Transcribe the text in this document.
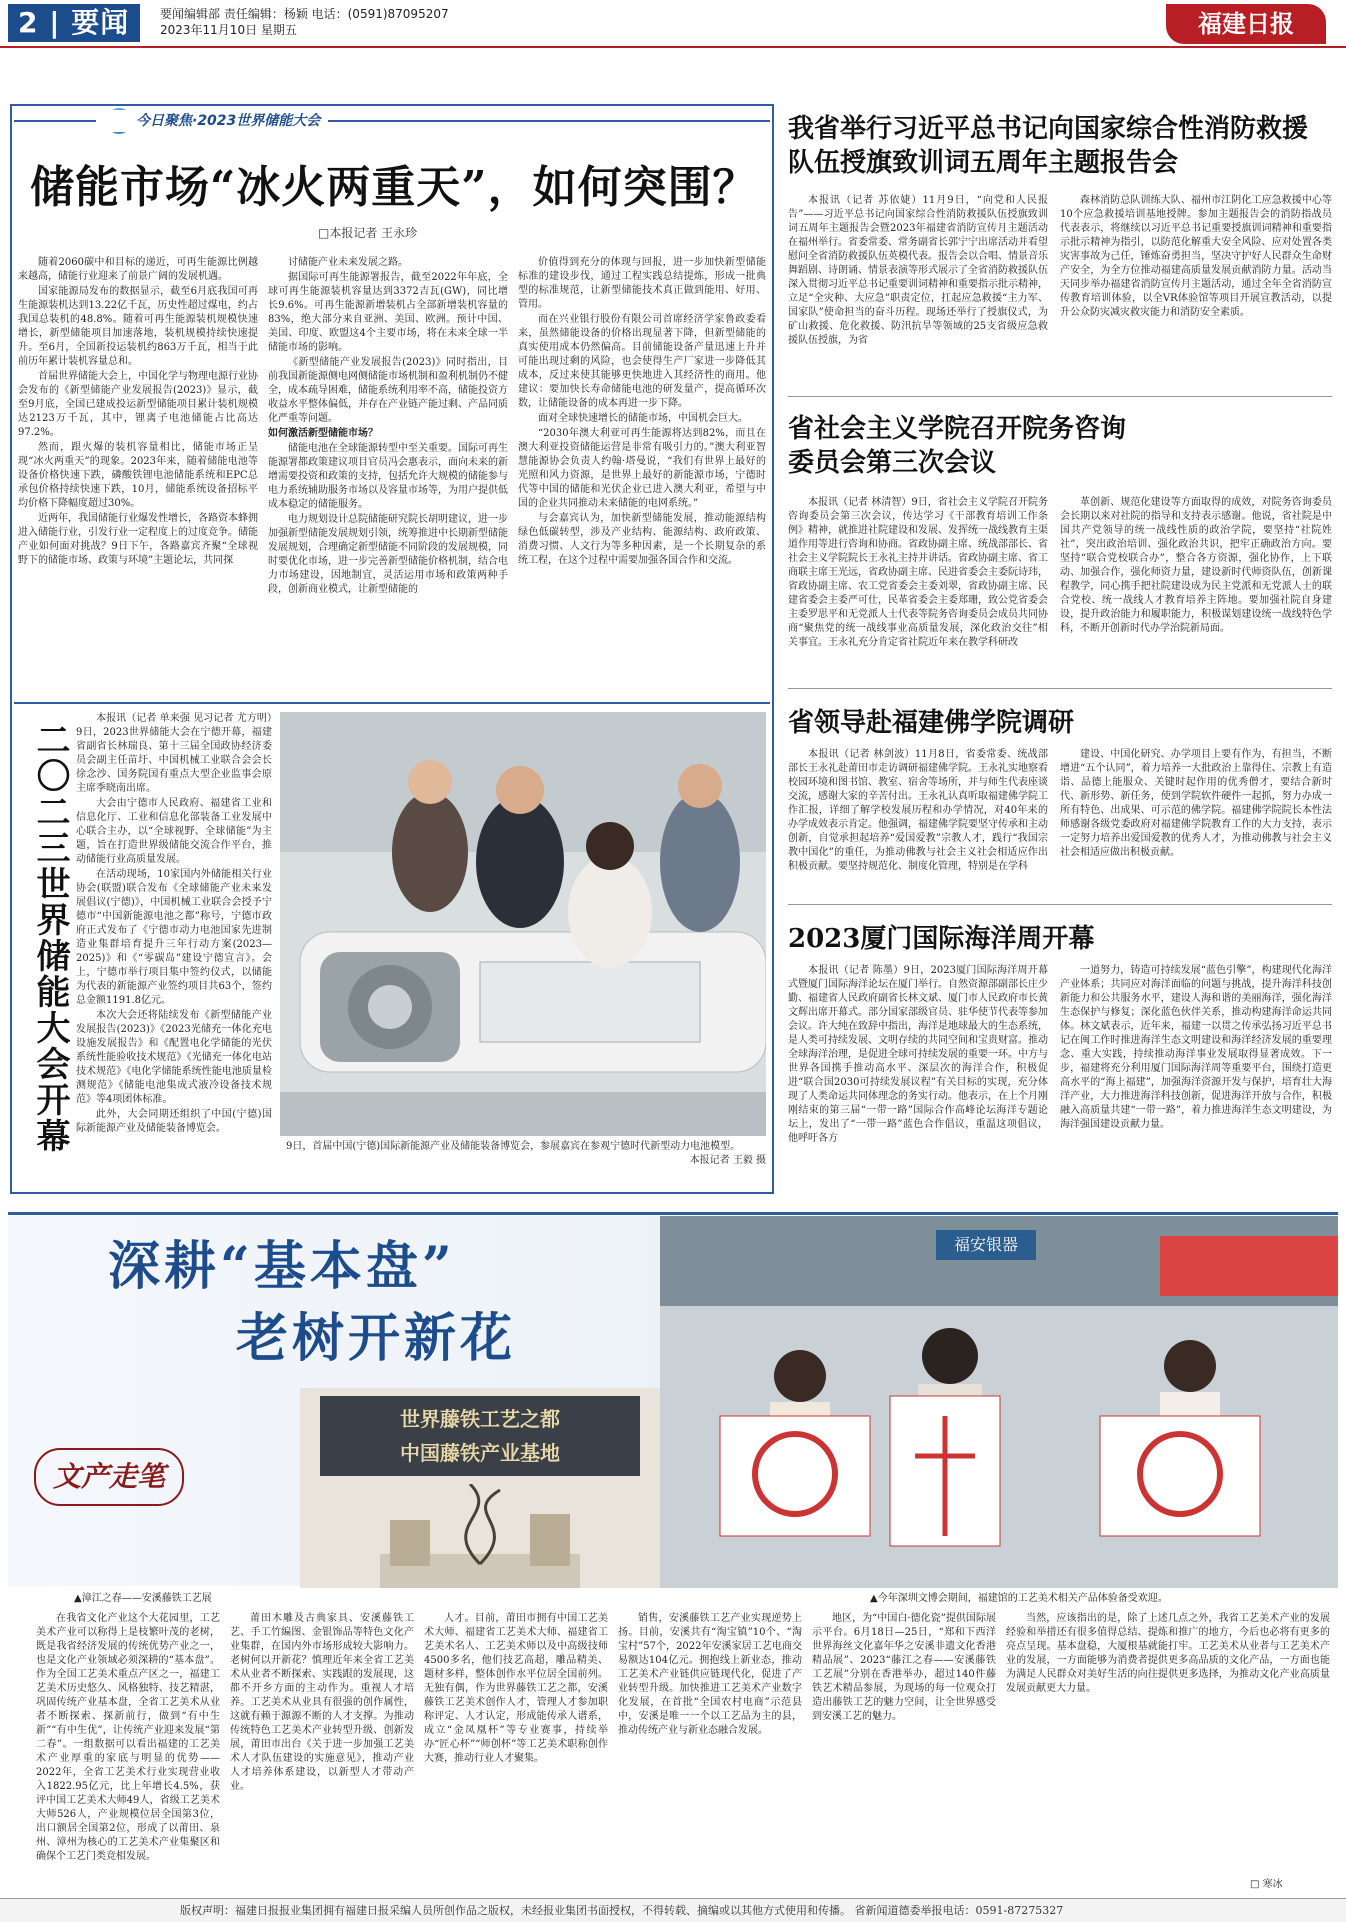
2 | 要闻	要闻编辑部 责任编辑：杨颖 电话：(0591)87095207
2023年11月10日 星期五	福建日报
今日聚焦·2023世界储能大会
储能市场“冰火两重天”，如何突围？
□本报记者 王永珍

随着2060碳中和目标的递近，可再生能源比例越来越高，储能行业迎来了前景广阔的发展机遇。

国家能源局发布的数据显示，截至6月底我国可再生能源装机达到13.22亿千瓦，历史性超过煤电，约占我国总装机的48.8%。随着可再生能源装机规模快速增长，新型储能项目加速落地，装机规模持续快速提升。至6月，全国新投运装机约863万千瓦，相当于此前历年累计装机容量总和。

首届世界储能大会上，中国化学与物理电源行业协会发布的《新型储能产业发展报告(2023)》显示，截至9月底，全国已建成投运新型储能项目累计装机规模达2123万千瓦，其中，锂离子电池储能占比高达97.2%。

然而，跟火爆的装机容量相比，储能市场正呈现“冰火两重天”的现象。2023年来，随着储能电池等设备价格快速下跌，磷酸铁锂电池储能系统和EPC总承包价格持续快速下跌，10月，储能系统设备招标平均价格下降幅度超过30%。

近两年，我国储能行业爆发性增长，各路资本蜂拥进入储能行业，引发行业一定程度上的过度竞争。储能产业如何面对挑战？9日下午，各路嘉宾齐聚“全球视野下的储能市场、政策与环境”主题论坛，共同探

讨储能产业未来发展之路。

据国际可再生能源署报告，截至2022年年底，全球可再生能源装机容量达到3372吉瓦(GW)，同比增长9.6%。可再生能源新增装机占全部新增装机容量的83%，绝大部分来自亚洲、美国、欧洲。预计中国、美国、印度、欧盟这4个主要市场，将在未来全球一半储能市场的影响。

《新型储能产业发展报告(2023)》同时指出，目前我国新能源侧电网侧储能市场机制和盈利机制仍不健全，成本疏导困难，储能系统利用率不高，储能投资方收益水平整体偏低，并存在产业链产能过剩、产品同质化严重等问题。

如何激活新型储能市场？

储能电池在全球能源转型中至关重要。国际可再生能源署都政策建议项目官员冯会惠表示，面向未来的新增需要投资和政策的支持，包括允许大规模的储能参与电力系统辅助服务市场以及容量市场等，为用户提供低成本稳定的储能服务。

电力规划设计总院储能研究院长胡明建议，进一步加强新型储能发展规划引领，统筹推进中长期新型储能发展规划，合理确定新型储能不同阶段的发展规模，同时要优化市场，进一步完善新型储能价格机制，结合电力市场建设，因地制宜，灵活运用市场和政策两种手段，创新商业模式，让新型储能的

价值得到充分的体现与回报，进一步加快新型储能标准的建设步伐，通过工程实践总结提炼，形成一批典型的标准规范，让新型储能技术真正做到能用、好用、管用。

而在兴业银行股份有限公司首席经济学家鲁政委看来，虽然储能设备的价格出现显著下降，但新型储能的真实使用成本仍然偏高。目前储能设备产量迅速上升并可能出现过剩的风险，也会使得生产厂家进一步降低其成本，反过来使其能够更快地进入其经济性的商用。他建议：要加快长寿命储能电池的研发量产，提高循环次数，让储能设备的成本再进一步下降。

面对全球快速增长的储能市场，中国机会巨大。

“2030年澳大利亚可再生能源将达到82%，而且在澳大利亚投资储能运营是非常有吸引力的。”澳大利亚智慧能源协会负责人约翰·塔曼说，“我们有世界上最好的光照和风力资源，是世界上最好的新能源市场，宁德时代等中国的储能和光伏企业已进入澳大利亚，希望与中国的企业共同推动未来储能的电网系统。”

与会嘉宾认为，加快新型储能发展，推动能源结构绿色低碳转型，涉及产业结构、能源结构、政府政策、消费习惯、人文行为等多种因素，是一个长期复杂的系统工程，在这个过程中需要加强各国合作和交流。

二〇二三世界储能大会开幕

本报讯（记者 单来强 见习记者 尤方明）9日，2023世界储能大会在宁德开幕，福建省副省长林瑞良、第十三届全国政协经济委员会副主任苗圩、中国机械工业联合会会长徐念沙、国务院国有重点大型企业监事会原主席季晓南出席。

大会由宁德市人民政府、福建省工业和信息化厅、工业和信息化部装备工业发展中心联合主办，以“全球视野、全球储能”为主题，旨在打造世界级储能交流合作平台，推动储能行业高质量发展。

在活动现场，10家国内外储能相关行业协会(联盟)联合发布《全球储能产业未来发展倡议(宁德)》，中国机械工业联合会授予宁德市“中国新能源电池之都”称号，宁德市政府正式发布了《宁德市动力电池国家先进制造业集群培育提升三年行动方案(2023—2025)》和《“零碳岛”建设宁德宣言》。会上，宁德市举行项目集中签约仪式，以储能为代表的新能源产业签约项目共63个，签约总金额1191.8亿元。

本次大会还将陆续发布《新型储能产业发展报告(2023)》《2023光储充一体化充电设施发展报告》和《配置电化学储能的光伏系统性能验收技术规范》《光储充一体化电站技术规范》《电化学储能系统性能电池质量检测规范》《储能电池集成式液冷设备技术规范》等4项团体标准。

此外，大会同期还组织了中国(宁德)国际新能源产业及储能装备博览会。

9日，首届中国(宁德)国际新能源产业及储能装备博览会，参展嘉宾在参观宁德时代新型动力电池模型。
本报记者 王毅 摄
我省举行习近平总书记向国家综合性消防救援队伍授旗致训词五周年主题报告会

本报讯（记者 苏依婕）11月9日，“向党和人民报告”——习近平总书记向国家综合性消防救援队伍授旗致训词五周年主题报告会暨2023年福建省消防宣传月主题活动在福州举行。省委常委、常务副省长郭宁宁出席活动并看望慰问全省消防救援队伍英模代表。报告会以合唱、情景音乐舞蹈剧、诗朗诵、情景表演等形式展示了全省消防救援队伍深入贯彻习近平总书记重要训词精神和重要指示批示精神，立足“全灾种、大应急”职责定位，扛起应急救援“主力军、国家队”使命担当的奋斗历程。现场还举行了授旗仪式，为矿山救援、危化救援、防汛抗旱等领域的25支省级应急救援队伍授旗，为省

森林消防总队训练大队、福州市江阴化工应急救援中心等10个应急救援培训基地授牌。参加主题报告会的消防指战员代表表示，将继续以习近平总书记重要授旗训词精神和重要指示批示精神为指引，以防范化解重大安全风险、应对处置各类灾害事故为己任，锤炼奋勇担当，坚决守护好人民群众生命财产安全，为全方位推动福建高质量发展贡献消防力量。活动当天同步举办福建省消防宣传月主题活动，通过全年全省消防宣传教育培训体验，以全VR体验馆等项目开展宣教活动，以提升公众防灾减灾救灾能力和消防安全素质。

省社会主义学院召开院务咨询委员会第三次会议

本报讯（记者 林清智）9日，省社会主义学院召开院务咨询委员会第三次会议，传达学习《干部教育培训工作条例》精神，就推进社院建设和发展、发挥统一战线教育主渠道作用等进行咨询和协商。省政协副主席、统战部部长、省社会主义学院院长王永礼主持并讲话。省政协副主席、省工商联主席王光远，省政协副主席、民进省委会主委阮诗玮，省政协副主席、农工党省委会主委刘翠，省政协副主席、民建省委会主委严可仕，民革省委会主委郑珊，致公党省委会主委罗思平和无党派人士代表等院务咨询委员会成员共同协商“聚焦党的统一战线事业高质量发展，深化政治交往”相关事宜。王永礼充分肯定省社院近年来在教学科研改

革创新、规范化建设等方面取得的成效，对院务咨询委员会长期以来对社院的指导和支持表示感谢。他说，省社院是中国共产党领导的统一战线性质的政治学院，要坚持“社院姓社”，突出政治培训、强化政治共识，把牢正确政治方向。要坚持“联合党校联合办”，整合各方资源，强化协作，上下联动、加强合作，强化师资力量，建设新时代师资队伍，创新课程教学，同心携手把社院建设成为民主党派和无党派人士的联合党校、统一战线人才教育培养主阵地。要加强社院自身建设，提升政治能力和履职能力，积极谋划建设统一战线特色学科，不断开创新时代办学治院新局面。

省领导赴福建佛学院调研

本报讯（记者 林剑波）11月8日，省委常委、统战部部长王永礼赴莆田市走访调研福建佛学院。王永礼实地察看校园环境和图书馆、教室、宿舍等场所，并与师生代表座谈交流，感谢大家的辛苦付出。王永礼认真听取福建佛学院工作汇报，详细了解学校发展历程和办学情况，对40年来的办学成效表示肯定。他强调，福建佛学院要坚守传承和主动创新，自觉承担起培养“爱国爱教”宗教人才，践行“我国宗教中国化”的重任，为推动佛教与社会主义社会相适应作出积极贡献。要坚持规范化、制度化管理，特别是在学科

建设、中国化研究、办学项目上要有作为，有担当，不断增进“五个认同”，着力培养一大批政治上靠得住、宗教上有造诣、品德上能服众、关键时起作用的优秀僧才，要结合新时代、新形势、新任务，使到学院软件硬件一起抓，努力办成一所有特色、出成果、可示范的佛学院。福建佛学院院长本性法师感谢各级党委政府对福建佛学院教育工作的大力支持，表示一定努力培养出爱国爱教的优秀人才，为推动佛教与社会主义社会相适应做出积极贡献。

2023厦门国际海洋周开幕

本报讯（记者 陈墨）9日，2023厦门国际海洋周开幕式暨厦门国际海洋论坛在厦门举行。自然资源部副部长庄少勤、福建省人民政府副省长林文斌、厦门市人民政府市长黄文辉出席开幕式。部分国家部级官员、驻华使节代表等参加会议。许大纯在致辞中指出，海洋是地球最大的生态系统，是人类可持续发展、文明存续的共同空间和宝贵财富。推动全球海洋治理，是促进全球可持续发展的重要一环。中方与世界各国携手推动高水平、深层次的海洋合作，积极促进“联合国2030可持续发展议程”有关目标的实现，充分体现了人类命运共同体理念的务实行动。他表示，在上个月刚刚结束的第三届“一带一路”国际合作高峰论坛海洋专题论坛上，发出了“一带一路”蓝色合作倡议，重温这项倡议，他呼吁各方

一道努力，铸造可持续发展“蓝色引擎”，构建现代化海洋产业体系；共同应对海洋面临的问题与挑战，提升海洋科技创新能力和公共服务水平，建设人海和谐的美丽海洋，强化海洋生态保护与修复；深化蓝色伙伴关系，推动构建海洋命运共同体。林文斌表示，近年来，福建一以贯之传承弘扬习近平总书记在闽工作时推进海洋生态文明建设和海洋经济发展的重要理念、重大实践，持续推动海洋事业发展取得显著成效。下一步，福建将充分利用厦门国际海洋周等重要平台，围绕打造更高水平的“海上福建”，加强海洋资源开发与保护，培育壮大海洋产业，大力推进海洋科技创新，促进海洋开放与合作，积极融入高质量共建“一带一路”，着力推进海洋生态文明建设，为海洋强国建设贡献力量。

深耕“基本盘”
老树开新花
世界藤铁工艺之都
中国藤铁产业基地
文产走笔
福安银器
▲漳江之春——安溪藤铁工艺展	▲今年深圳文博会期间，福建馆的工艺美术相关产品体验备受欢迎。

在我省文化产业这个大花园里，工艺美术产业可以称得上是枝繁叶茂的老树，既是我省经济发展的传统优势产业之一，也是文化产业领域必须深耕的“基本盘”。作为全国工艺美术重点产区之一，福建工艺美术历史悠久、风格独特、技艺精湛，巩固传统产业基本盘，全省工艺美术从业者不断探索、探新前行，做到“有中生新”“有中生优”，让传统产业迎来发展“第二春”。一组数据可以看出福建的工艺美术产业厚重的家底与明显的优势——2022年，全省工艺美术行业实现营业收入1822.95亿元，比上年增长4.5%，获评中国工艺美术大师49人，省级工艺美术大师526人，产业规模位居全国第3位，出口额居全国第2位，形成了以莆田、泉州、漳州为核心的工艺美术产业集聚区和确保个工艺门类竞相发展。

莆田木雕及古典家具、安溪藤铁工艺、手工竹编图、金银饰品等特色文化产业集群，在国内外市场形成较大影响力。老树何以开新花？慎理近年来全省工艺美术从业者不断探索、实践跟的发展现，这都不开乡方面的主动作为。重视人才培养。工艺美术从业具有很强的创作属性，这就有赖于源源不断的人才支撑。为推动传统特色工艺美术产业转型升级、创新发展，莆田市出台《关于进一步加强工艺美术人才队伍建设的实施意见》，推动产业人才培养体系建设，以新型人才带动产业。

人才。目前，莆田市拥有中国工艺美术大师、福建省工艺美术大师、福建省工艺美术名人、工艺美术师以及中高级技师4500多名，他们技艺高超，雕品精美、题材多样，整体创作水平位居全国前列。无独有偶，作为世界藤铁工艺之都，安溪藤铁工艺美术创作人才，管理人才参加职称评定、人才认定，形成能传承人谱系，成立“金凤凰杯”等专业赛事，持续举办“匠心杯”“师创杯”等工艺美术职称创作大赛，推动行业人才聚集。

销售，安溪藤铁工艺产业实现逆势上扬。目前，安溪共有“淘宝镇”10个、“淘宝村”57个，2022年安溪家居工艺电商交易额达104亿元。拥抱线上新业态，推动工艺美术产业链供应链现代化，促进了产业转型升级。加快推进工艺美术产业数字化发展，在首批“全国农村电商”示范县中，安溪是唯一一个以工艺品为主的县，推动传统产业与新业态融合发展。

地区，为“中国白·德化瓷”提供国际展示平台。6月18日—25日，“郑和下西洋世界海丝文化嘉年华之安溪非遗文化香港精品展”、2023“藤江之春——安溪藤铁工艺展”分别在香港举办，超过140件藤铁艺术精品参展，为现场的每一位观众打造出藤铁工艺的魅力空间，让全世界感受到安溪工艺的魅力。

当然，应该指出的是，除了上述几点之外，我省工艺美术产业的发展经验和举措还有很多值得总结、提炼和推广的地方，今后也必将有更多的亮点呈现。基本盘稳，大厦根基就能打牢。工艺美术从业者与工艺美术产业的发展，一方面能够为消费者提供更多高品质的文化产品，一方面也能为满足人民群众对美好生活的向往提供更多选择，为推动文化产业高质量发展贡献更大力量。

□ 寒冰
版权声明：福建日报报业集团拥有福建日报采编人员所创作品之版权，未经报业集团书面授权，不得转载、摘编或以其他方式使用和传播。 省新闻道德委举报电话：0591-87275327
